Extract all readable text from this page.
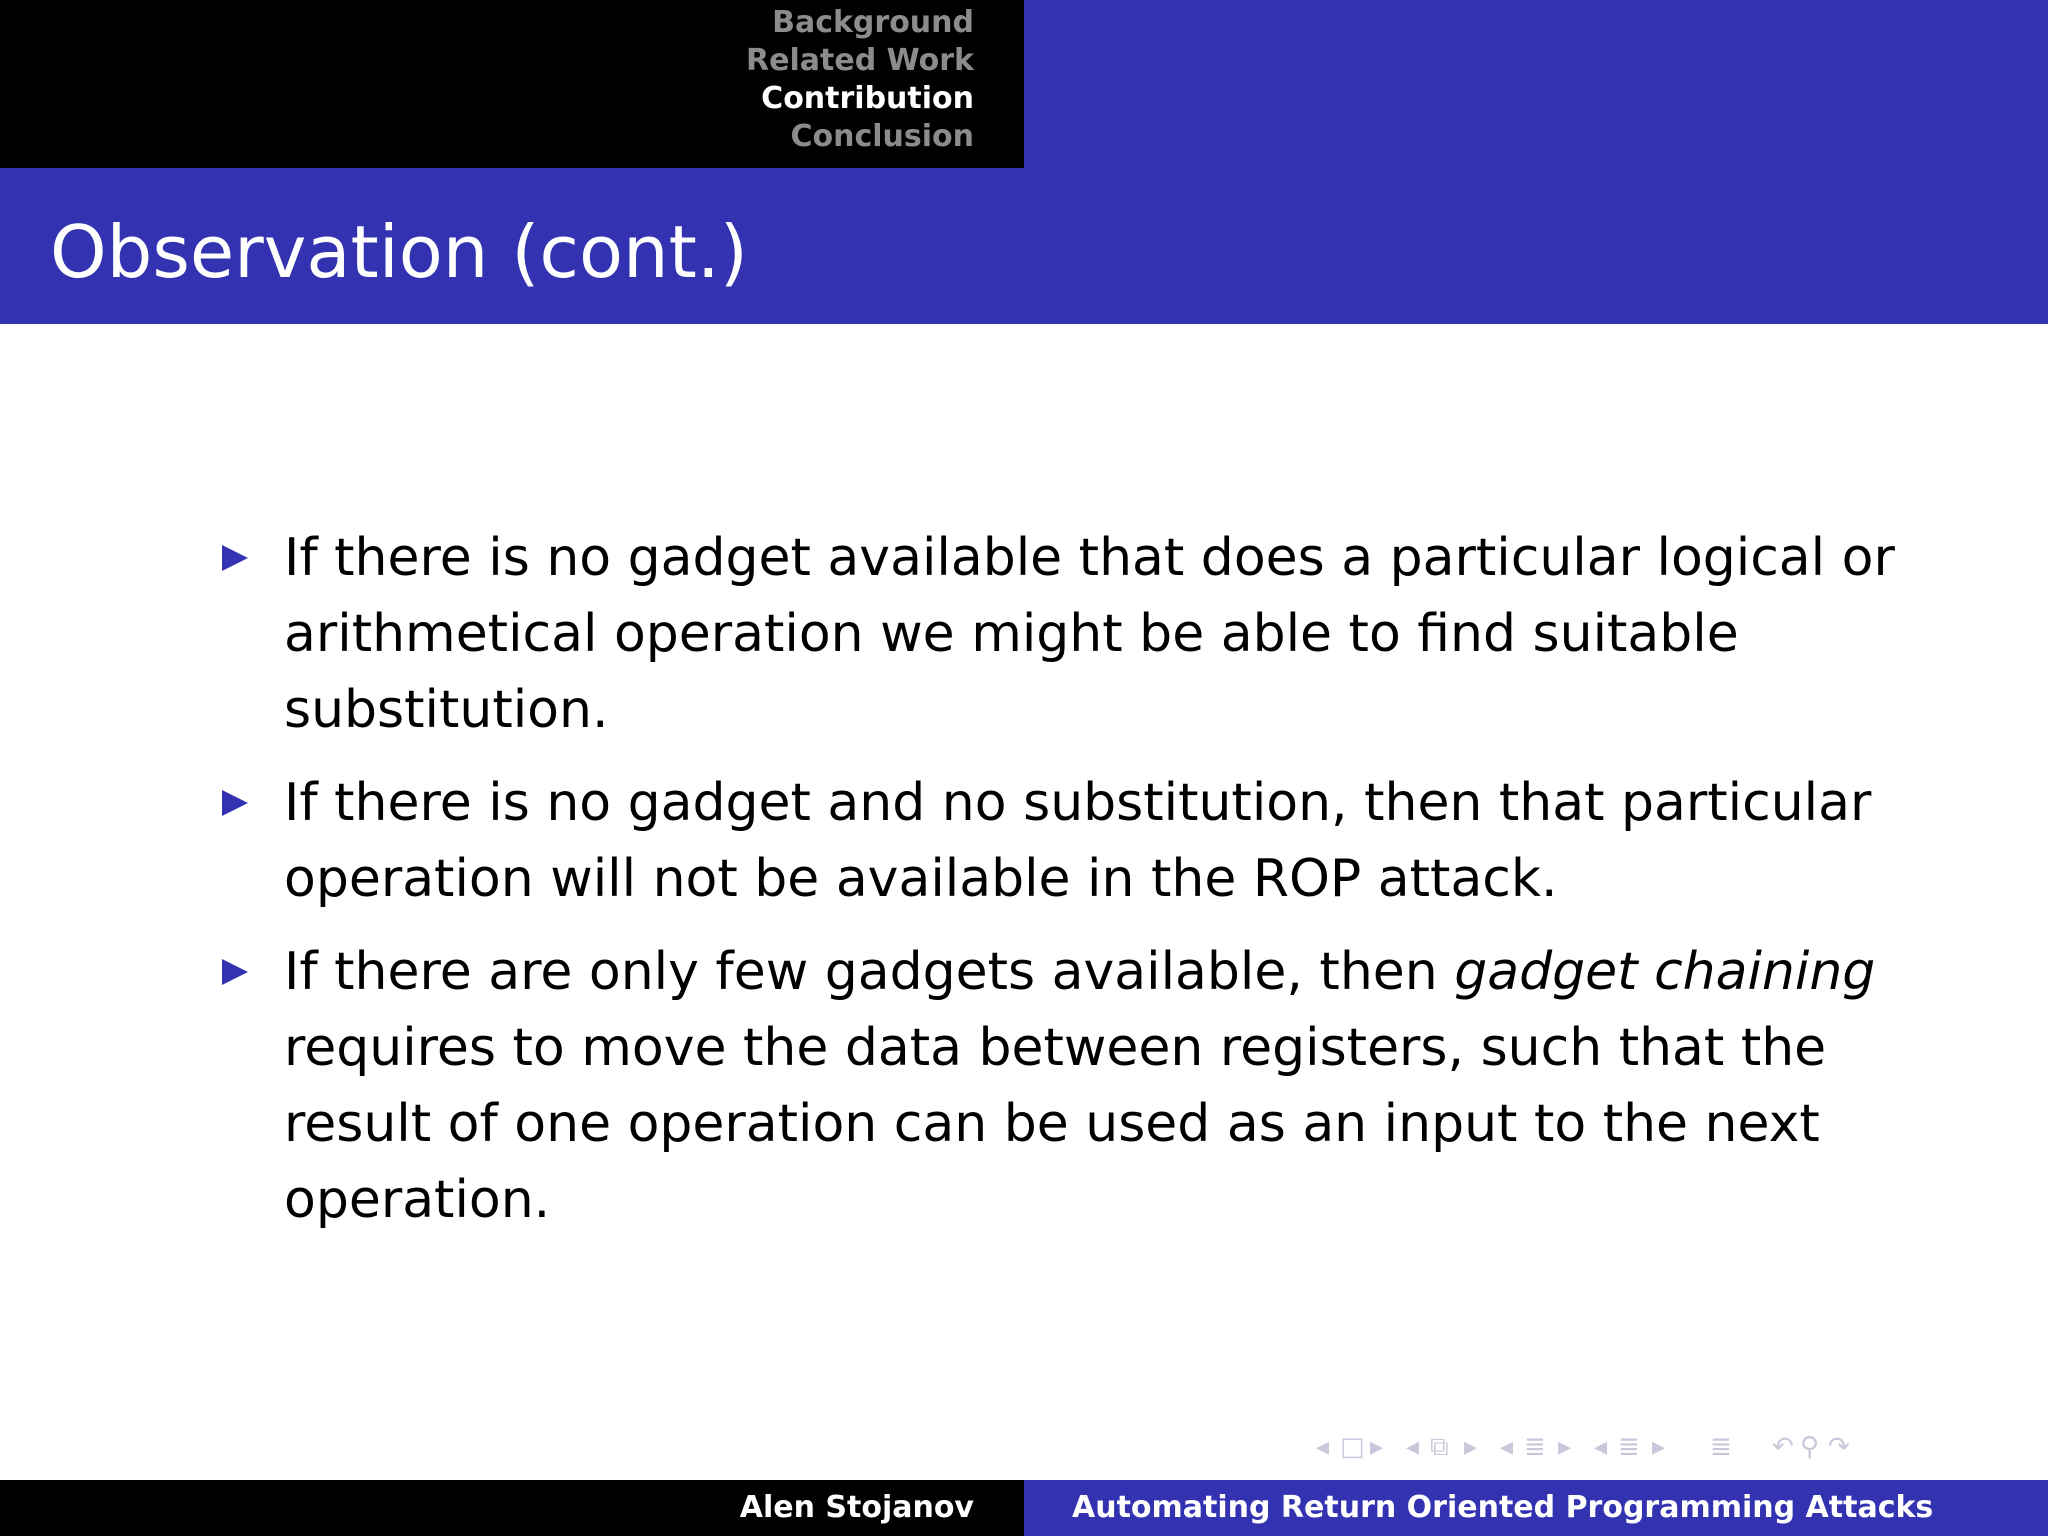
Background
Related Work
Contribution
Conclusion
Observation (cont.)
If there is no gadget available that does a particular logical or arithmetical operation we might be able to find suitable substitution.
If there is no gadget and no substitution, then that particular operation will not be available in the ROP attack.
If there are only few gadgets available, then gadget chaining requires to move the data between registers, such that the result of one operation can be used as an input to the next operation.
◂ □ ▸ ◂ ⧉ ▸ ◂ ≣ ▸ ◂ ≣ ▸ ≣ ↶ ⚲ ↷
Alen Stojanov	Automating Return Oriented Programming Attacks
